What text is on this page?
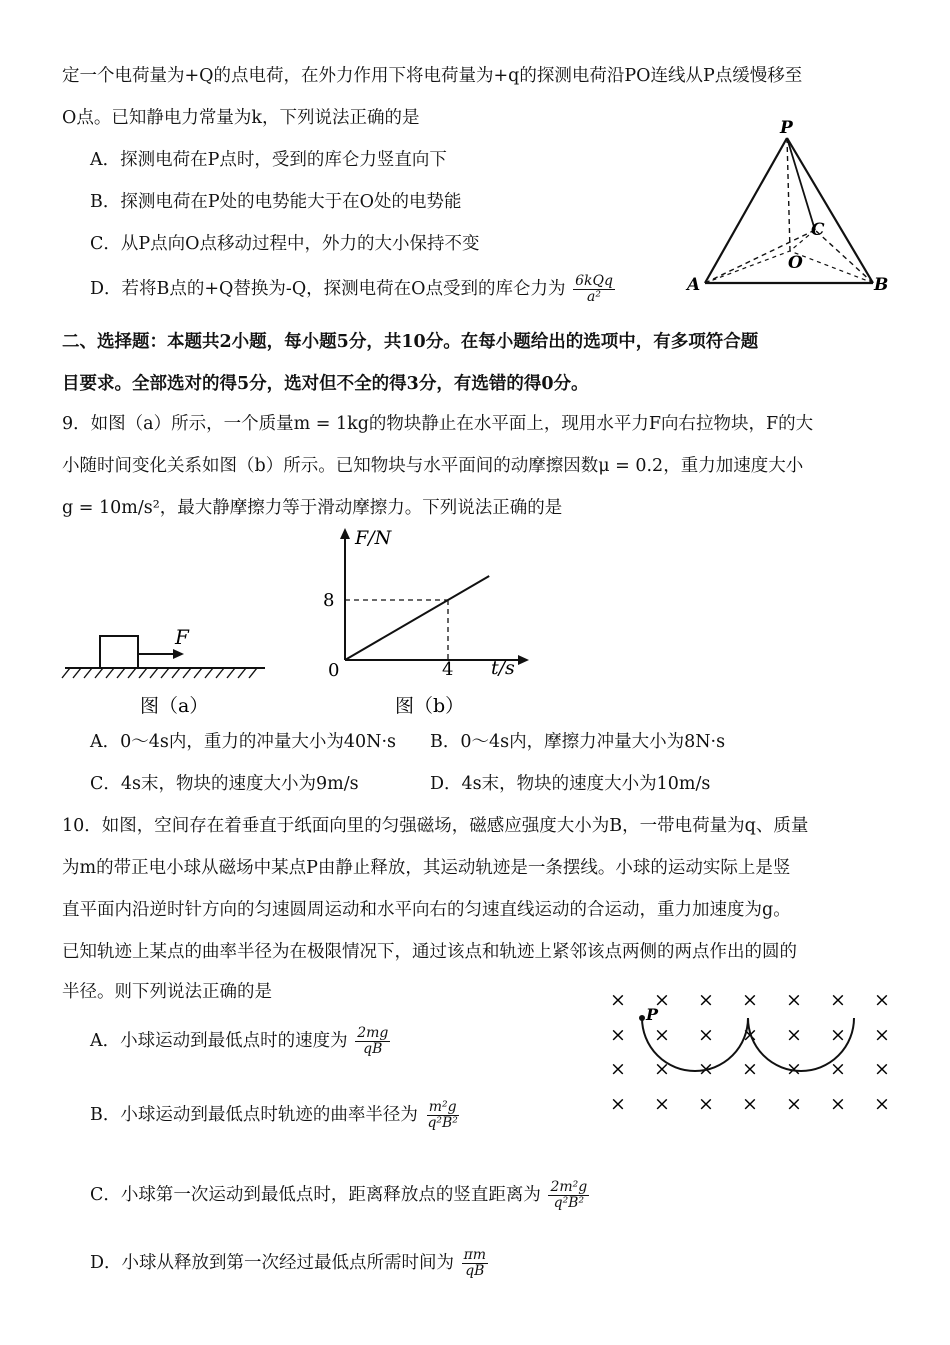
定一个电荷量为+Q的点电荷，在外力作用下将电荷量为+q的探测电荷沿PO连线从P点缓慢移至
O点。已知静电力常量为k，下列说法正确的是
A．探测电荷在P点时，受到的库仑力竖直向下
B．探测电荷在P处的电势能大于在O处的电势能
C．从P点向O点移动过程中，外力的大小保持不变
D．若将B点的+Q替换为-Q，探测电荷在O点受到的库仑力为 $\frac{\text{6kQq}}{\text{a²}}$
P
A	B
C
O
二、选择题：本题共2小题，每小题5分，共10分。在每小题给出的选项中，有多项符合题
目要求。全部选对的得5分，选对但不全的得3分，有选错的得0分。
9．如图（a）所示，一个质量m = 1kg的物块静止在水平面上，现用水平力F向右拉物块，F的大
小随时间变化关系如图（b）所示。已知物块与水平面间的动摩擦因数μ = 0.2，重力加速度大小
g = 10m/s²，最大静摩擦力等于滑动摩擦力。下列说法正确的是
F
图（a）
F/N
t/s
0
8
4
图（b）
A．0～4s内，重力的冲量大小为40N·s B．0～4s内，摩擦力冲量大小为8N·s
C．4s末，物块的速度大小为9m/s	D．4s末，物块的速度大小为10m/s
10．如图，空间存在着垂直于纸面向里的匀强磁场，磁感应强度大小为B，一带电荷量为q、质量
为m的带正电小球从磁场中某点P由静止释放，其运动轨迹是一条摆线。小球的运动实际上是竖
直平面内沿逆时针方向的匀速圆周运动和水平向右的匀速直线运动的合运动，重力加速度为g。
已知轨迹上某点的曲率半径为在极限情况下，通过该点和轨迹上紧邻该点两侧的两点作出的圆的
半径。则下列说法正确的是
×
×
×
×
×
×
×
×
×
×
×
×
×
×
×
×
×
×
×
×
×
×
×
×
×
×
×
×
P
A．小球运动到最低点时的速度为 $\frac{2mg}{qB}$
B．小球运动到最低点时轨迹的曲率半径为 $\frac{\text{m²g}}{\text{q²B²}}$
C．小球第一次运动到最低点时，距离释放点的竖直距离为 $\frac{\text{2m²g}}{\text{q²B²}}$
D．小球从释放到第一次经过最低点所需时间为 $\frac{\pi m}{qB}$
